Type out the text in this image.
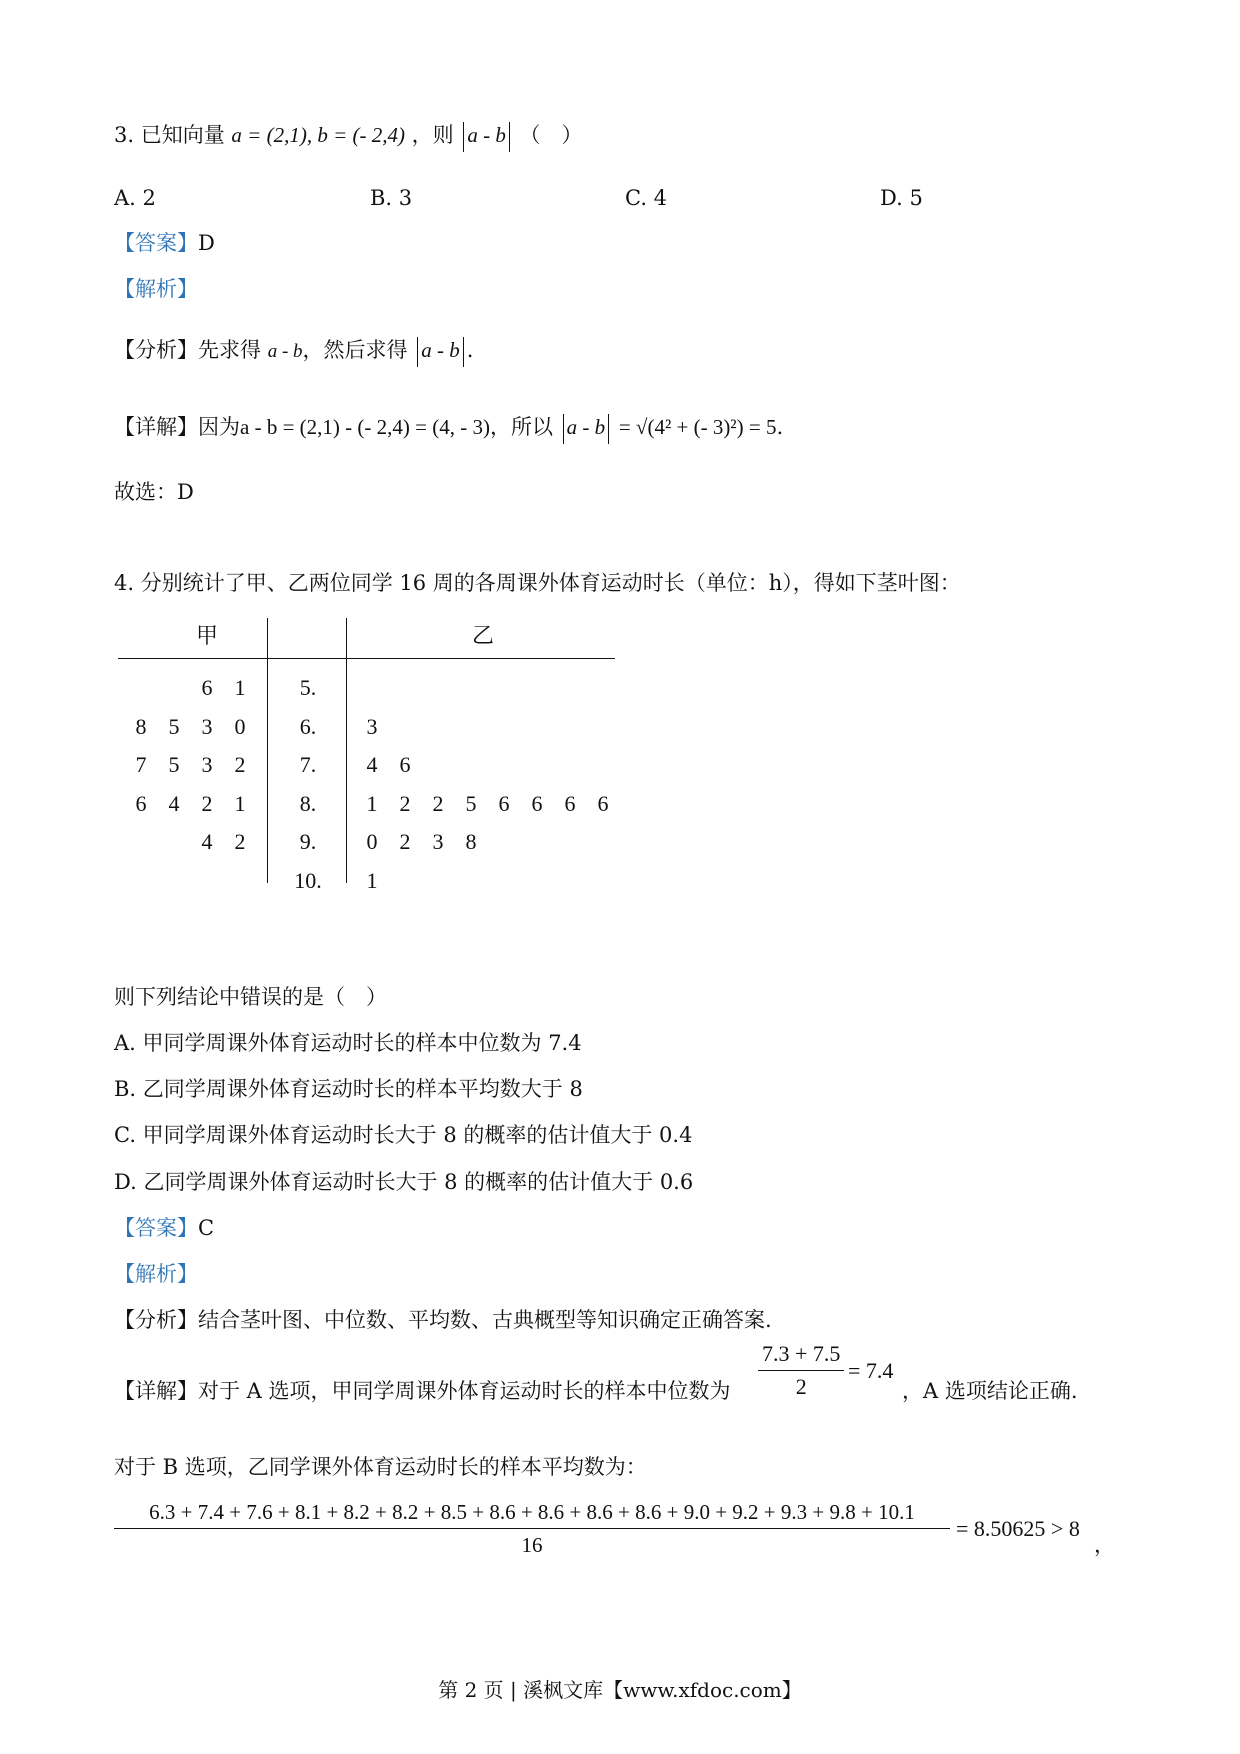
3. 已知向量 a = (2,1), b = (- 2,4) ，则 a - b （　）
A. 2	B. 3	C. 4	D. 5
【答案】D
【解析】
【分析】先求得 a - b，然后求得 a - b .
【详解】因为a - b = (2,1) - (- 2,4) = (4, - 3)，所以 a - b = √(4² + (- 3)²) = 5.
故选：D
4. 分别统计了甲、乙两位同学 16 周的各周课外体育运动时长（单位：h），得如下茎叶图：
甲	乙
6	1	5.
8	5	3	0	6.	3
7	5	3	2	7.	4	6
6	4	2	1	8.	1	2	2	5	6	6	6	6
4	2	9.	0	2	3	8
10.	1
则下列结论中错误的是（　）
A. 甲同学周课外体育运动时长的样本中位数为 7.4
B. 乙同学周课外体育运动时长的样本平均数大于 8
C. 甲同学周课外体育运动时长大于 8 的概率的估计值大于 0.4
D. 乙同学周课外体育运动时长大于 8 的概率的估计值大于 0.6
【答案】C
【解析】
【分析】结合茎叶图、中位数、平均数、古典概型等知识确定正确答案.
【详解】对于 A 选项，甲同学周课外体育运动时长的样本中位数为 $\frac{7.3 + 7.5}{2} = 7.4$
，A 选项结论正确.
对于 B 选项，乙同学课外体育运动时长的样本平均数为：
6.3 + 7.4 + 7.6 + 8.1 + 8.2 + 8.2 + 8.5 + 8.6 + 8.6 + 8.6 + 8.6 + 9.0 + 9.2 + 9.3 + 9.8 + 10.1
16
= 8.50625 > 8
，
第 2 页 | 溪枫文库【www.xfdoc.com】
